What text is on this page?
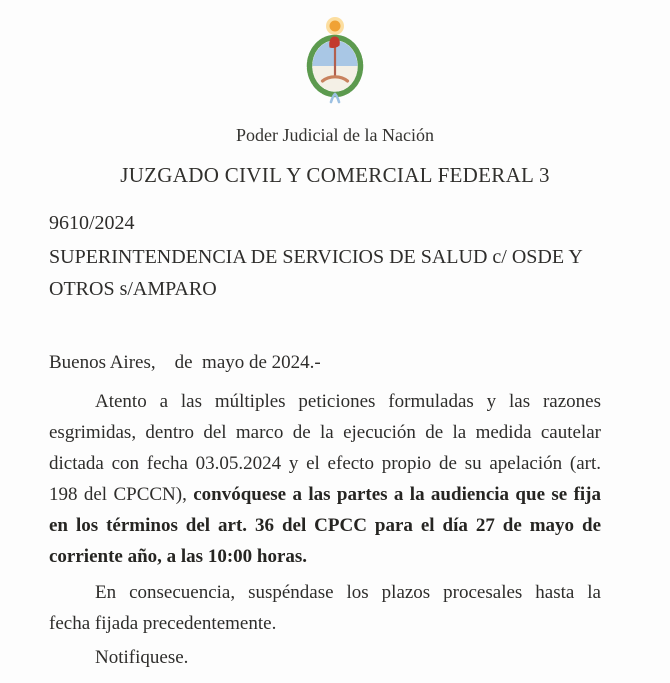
Poder Judicial de la Nación
JUZGADO CIVIL Y COMERCIAL FEDERAL 3
9610/2024
SUPERINTENDENCIA DE SERVICIOS DE SALUD c/ OSDE Y OTROS s/AMPARO
Buenos Aires,    de  mayo de 2024.-
Atento a las múltiples peticiones formuladas y las razones
esgrimidas, dentro del marco de la ejecución de la medida cautelar
dictada con fecha 03.05.2024 y el efecto propio de su apelación (art.
198 del CPCCN), convóquese a las partes a la audiencia que se fija
en los términos del art. 36 del CPCC para el día 27 de mayo de
corriente año, a las 10:00 horas.
En consecuencia, suspéndase los plazos procesales hasta la
fecha fijada precedentemente.
Notifiquese.
